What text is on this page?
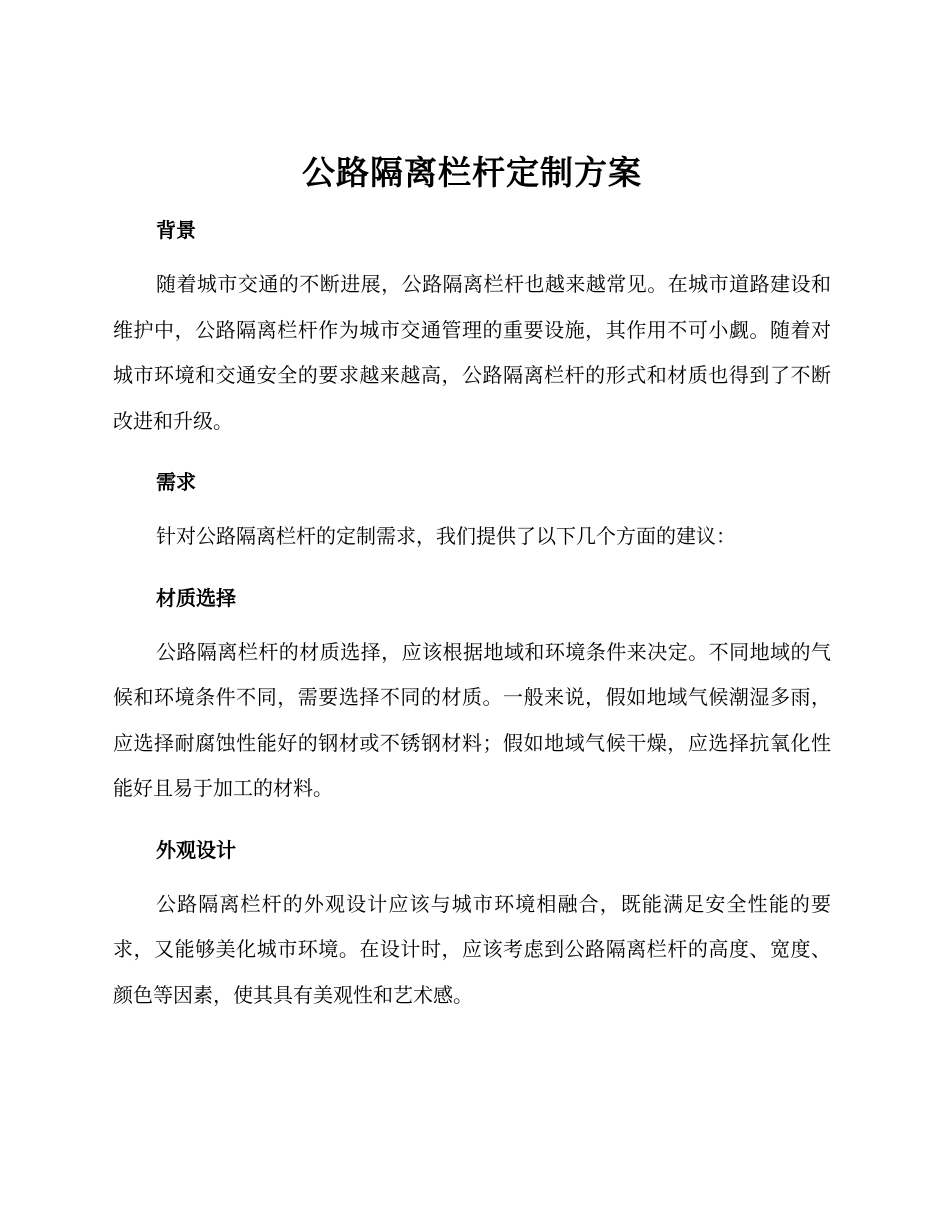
公路隔离栏杆定制方案
背景

随着城市交通的不断进展，公路隔离栏杆也越来越常见。在城市道路建设和维护中，公路隔离栏杆作为城市交通管理的重要设施，其作用不可小觑。随着对城市环境和交通安全的要求越来越高，公路隔离栏杆的形式和材质也得到了不断改进和升级。

需求

针对公路隔离栏杆的定制需求，我们提供了以下几个方面的建议：

材质选择

公路隔离栏杆的材质选择，应该根据地域和环境条件来决定。不同地域的气候和环境条件不同，需要选择不同的材质。一般来说，假如地域气候潮湿多雨，应选择耐腐蚀性能好的钢材或不锈钢材料；假如地域气候干燥，应选择抗氧化性能好且易于加工的材料。

外观设计

公路隔离栏杆的外观设计应该与城市环境相融合，既能满足安全性能的要求，又能够美化城市环境。在设计时，应该考虑到公路隔离栏杆的高度、宽度、颜色等因素，使其具有美观性和艺术感。
